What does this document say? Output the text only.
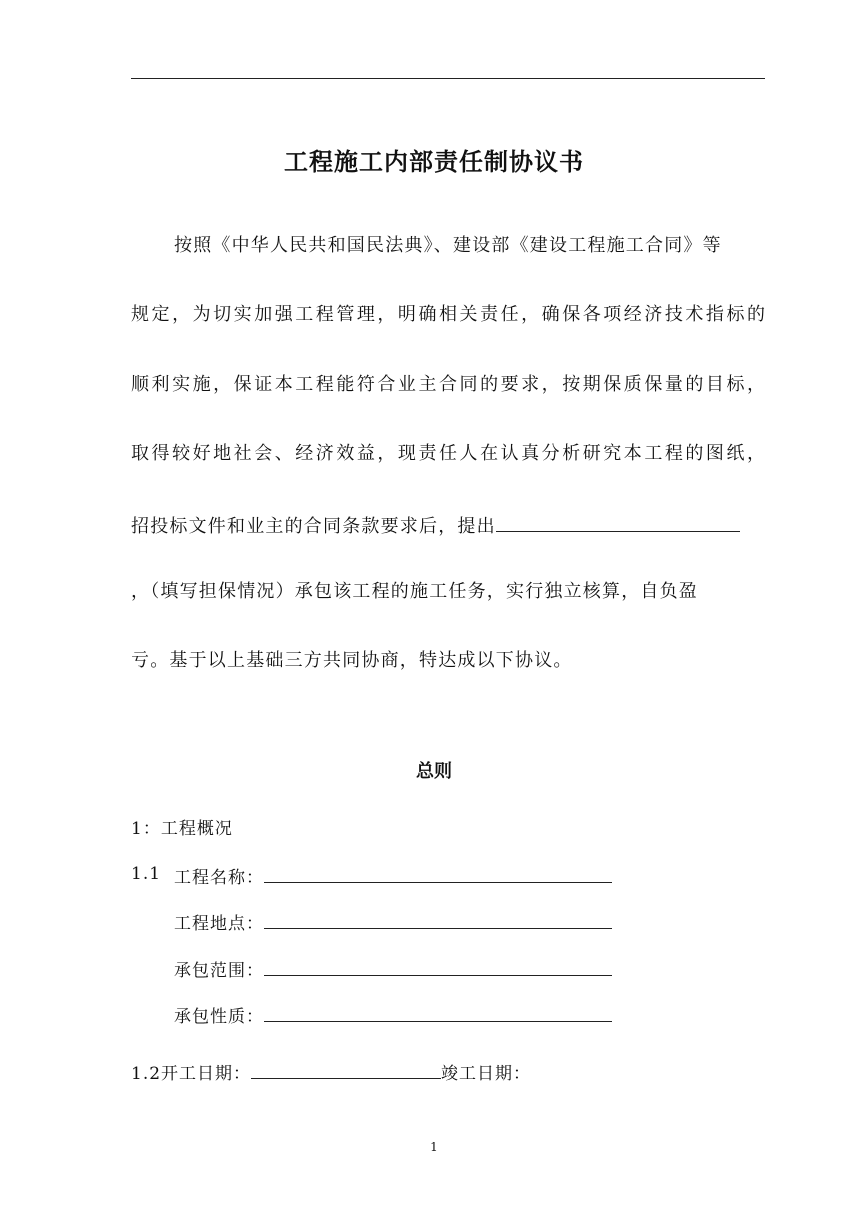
工程施工内部责任制协议书
按照《中华人民共和国民法典》、建设部《建设工程施工合同》等
规定，为切实加强工程管理，明确相关责任，确保各项经济技术指标的
顺利实施，保证本工程能符合业主合同的要求，按期保质保量的目标，
取得较好地社会、经济效益，现责任人在认真分析研究本工程的图纸，
招投标文件和业主的合同条款要求后，提出
，（填写担保情况）承包该工程的施工任务，实行独立核算，自负盈
亏。基于以上基础三方共同协商，特达成以下协议。
总则
1：工程概况
1.1 工程名称：
工程地点：
承包范围：
承包性质：
1.2开工日期：	竣工日期：
1
